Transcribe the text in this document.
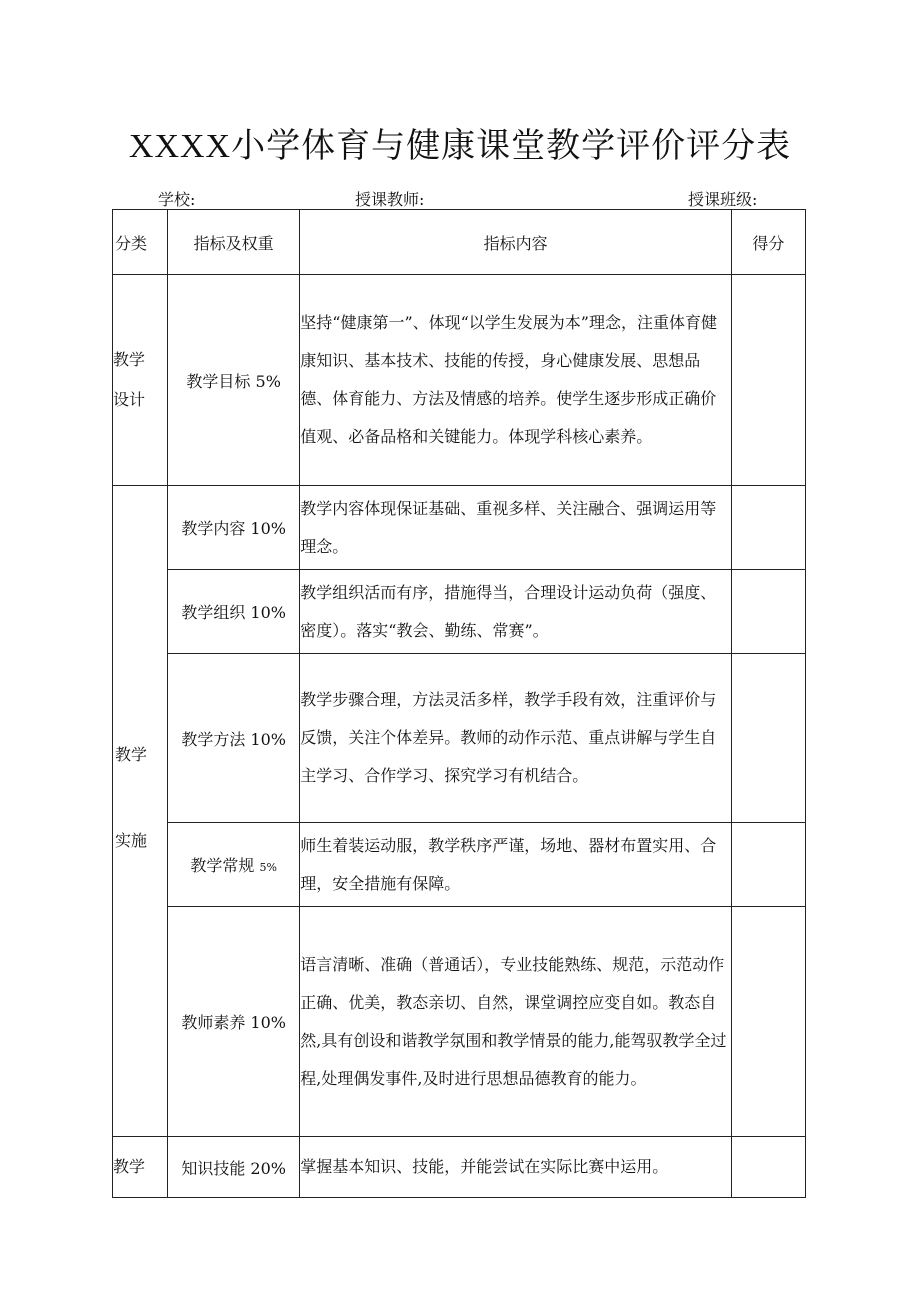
XXXX小学体育与健康课堂教学评价评分表
学校:	授课教师:	授课班级:
分类	指标及权重	指标内容	得分
教学
设计	教学目标 5%	坚持“健康第一”、体现“以学生发展为本”理念，注重体育健康知识、基本技术、技能的传授，身心健康发展、思想品德、体育能力、方法及情感的培养。使学生逐步形成正确价值观、必备品格和关键能力。体现学科核心素养。	

教学
实施	教学内容 10%	教学内容体现保证基础、重视多样、关注融合、强调运用等理念。	
	教学组织 10%	教学组织活而有序，措施得当，合理设计运动负荷（强度、密度）。落实“教会、勤练、常赛”。	
	教学方法 10%	教学步骤合理，方法灵活多样，教学手段有效，注重评价与反馈，关注个体差异。教师的动作示范、重点讲解与学生自主学习、合作学习、探究学习有机结合。	
	教学常规 5%	师生着装运动服，教学秩序严谨，场地、器材布置实用、合理，安全措施有保障。	
	教师素养 10%	语言清晰、准确（普通话），专业技能熟练、规范，示范动作正确、优美，教态亲切、自然，课堂调控应变自如。教态自然,具有创设和谐教学氛围和教学情景的能力,能驾驭教学全过程,处理偶发事件,及时进行思想品德教育的能力。	
教学	知识技能 20%	掌握基本知识、技能，并能尝试在实际比赛中运用。	
